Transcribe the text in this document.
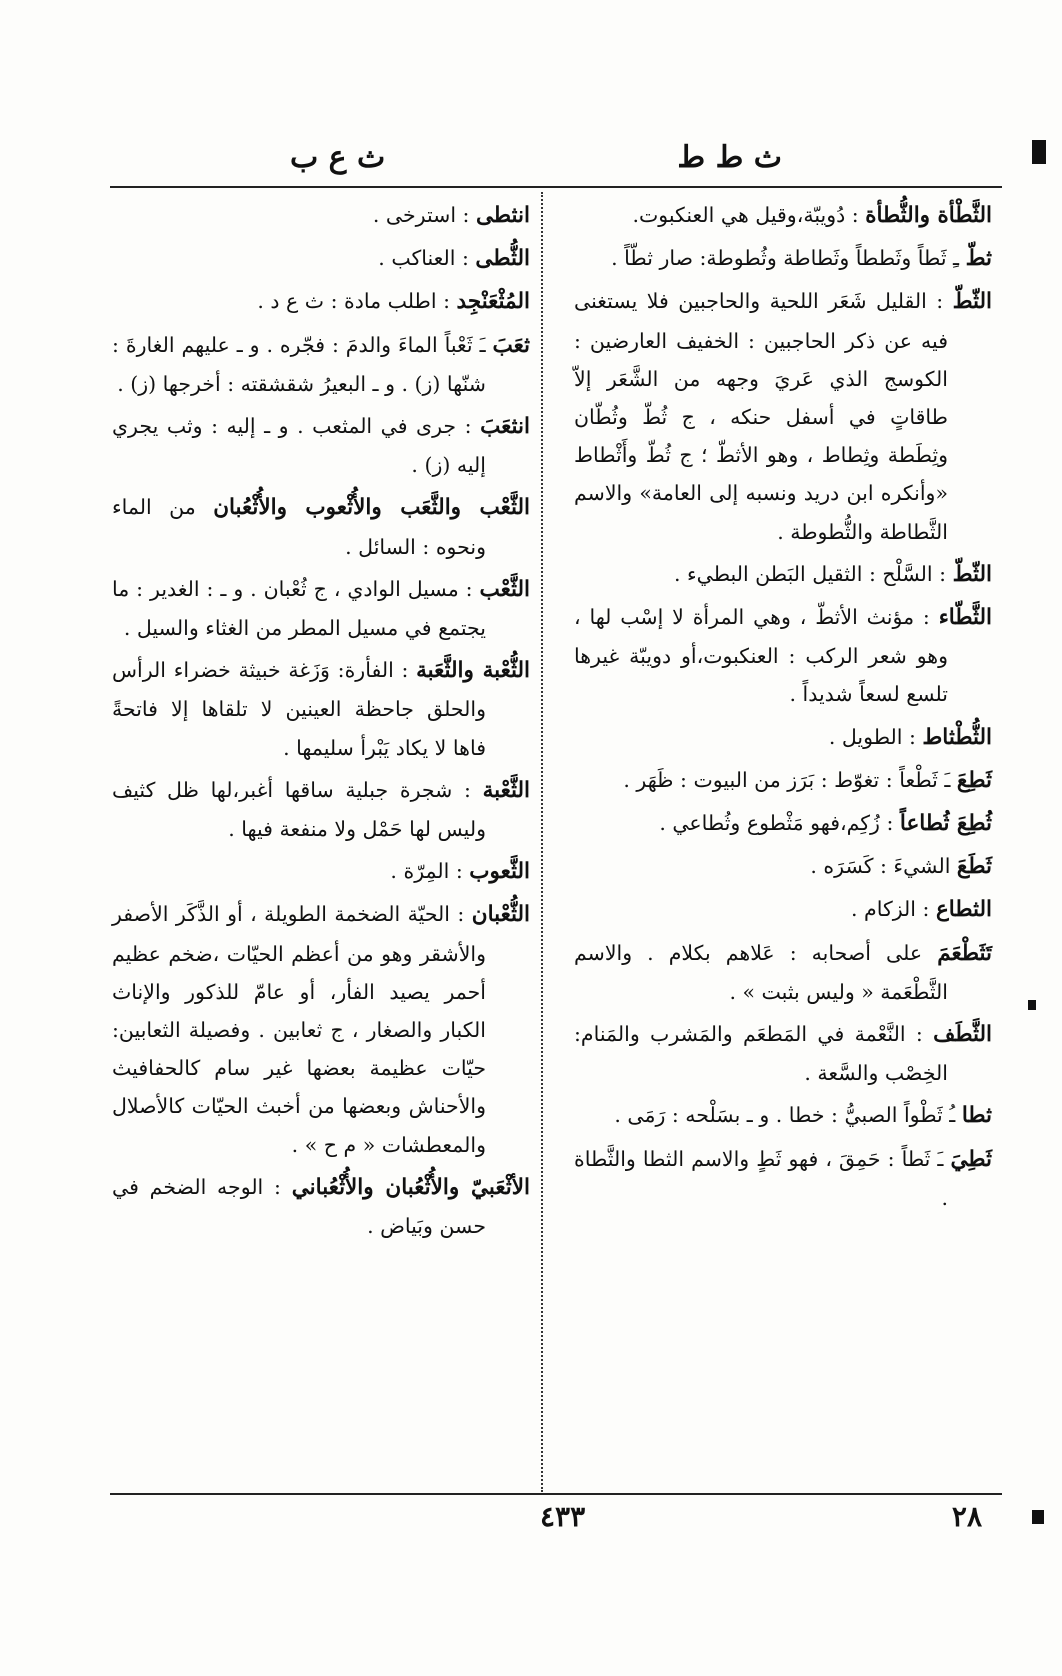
ث ط ط
ث ع ب

الثَّطْأة والثُّطأة : دُويبّة،وقيل هي العنكبوت.

ثطّ ـِ ثَطاً وثَططاً وثَطاطة وثُطوطة: صار ثطّاً .

الثّطّ : القليل شَعَر اللحية والحاجبين فلا يستغنى فيه عن ذكر الحاجبين : الخفيف العارضين : الكوسج الذي عَريَ وجهه من الشَّعَر إلاّ طاقاتٍ في أسفل حنكه ، ج ثُطّ وثُطّان وثِطَطة وثِطاط ، وهو الأثطّ ؛ ج ثُطّ وأَثْطاط «وأنكره ابن دريد ونسبه إلى العامة» والاسم الثَّطاطة والثُّطوطة .

الثّطّ : السَّلْح : الثقيل البَطن البطيء .

الثَّطّاء : مؤنث الأثطّ ، وهي المرأة لا إسْب لها ، وهو شعر الركب : العنكبوت،أو دويبّة غيرها تلسع لسعاً شديداً .

الثُّطْثاط : الطويل .

ثَطِعَ ـَ ثَطْعاً : تغوّط : بَرَز من البيوت : ظَهَر .

ثُطِعَ ثُطاعاً : زُكِم،فهو مَثْطوع وثُطاعي .

ثَطَعَ الشيءَ : كَسَرَه .

الثطاع : الزكام .

تَثَطْعَمَ على أصحابه : عَلاهم بكلام . والاسم الثَّطْعَمة « وليس بثبت » .

الثَّطَف : النَّعْمة في المَطعَم والمَشرب والمَنام: الخِصْب والسَّعة .

ثطا ـُ ثَطْواً الصبيُّ : خطا . و ـ بسَلْحه : رَمَى .

ثَطِيَ ـَ ثَطاً : حَمِقَ ، فهو ثَطٍ والاسم الثطا والثَّطاة .

انثطى : استرخى .

الثُّطى : العناكب .

المُثْعَنْجِد : اطلب مادة : ث ع د .

ثعَبَ ـَ ثَعْباً الماءَ والدمَ : فجّره . و ـ عليهم الغارةَ : شنّها (ز) . و ـ البعيرُ شقشقته : أخرجها (ز) .

انثعَبَ : جرى في المثعب . و ـ إليه : وثب يجري إليه (ز) .

الثَّعْب والثَّعَب والأُثْعوب والأُثْعُبان من الماء ونحوه : السائل .

الثَّعْب : مسيل الوادي ، ج ثُعْبان . و ـ : الغدير : ما يجتمع في مسيل المطر من الغثاء والسيل .

الثُّعْبة والثَّعَبة : الفأرة: وَزَغة خبيثة خضراء الرأس والحلق جاحظة العينين لا تلقاها إلا فاتحةً فاها لا يكاد يَبْرأ سليمها .

الثَّعْبة : شجرة جبلية ساقها أغبر،لها ظل كثيف وليس لها حَمْل ولا منفعة فيها .

الثَّعوب : المِرّة .

الثُّعْبان : الحيّة الضخمة الطويلة ، أو الذَّكَر الأصفر والأشقر وهو من أعظم الحيّات ،ضخم عظيم أحمر يصيد الفأر، أو عامّ للذكور والإناث الكبار والصغار ، ج ثعابين . وفصيلة الثعابين: حيّات عظيمة بعضها غير سام كالحفافيث والأحناش وبعضها من أخبث الحيّات كالأصلال والمعطشات « م ح » .

الأثْعَبيّ والأُثْعُبان والأُثْعُباني : الوجه الضخم في حسن وبَياض .

٢٨
٤٣٣
